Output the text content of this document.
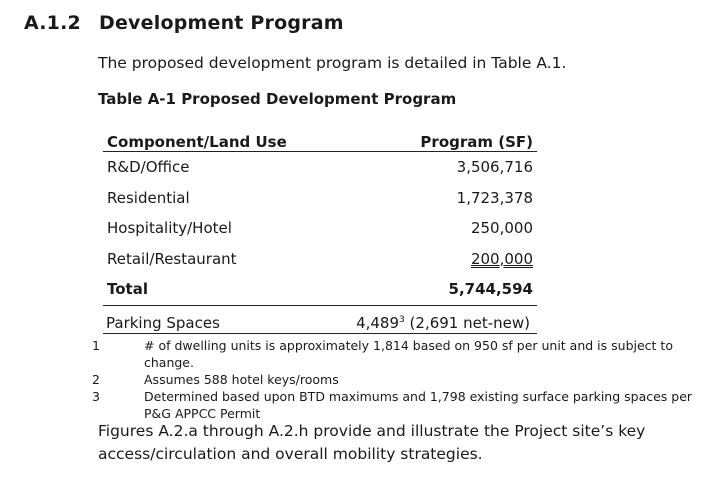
A.1.2 Development Program
The proposed development program is detailed in Table A.1.
Table A-1 Proposed Development Program
Component/Land Use	Program (SF)
R&D/Office	3,506,716
Residential	1,723,378
Hospitality/Hotel	250,000
Retail/Restaurant	200,000
Total	5,744,594
Parking Spaces	4,489$^3$ (2,691 net-new)
1	# of dwelling units is approximately 1,814 based on 950 sf per unit and is subject to change.
2	Assumes 588 hotel keys/rooms
3	Determined based upon BTD maximums and 1,798 existing surface parking spaces per P&G APPCC Permit
Figures A.2.a through A.2.h provide and illustrate the Project site’s key access/circulation and overall mobility strategies.
